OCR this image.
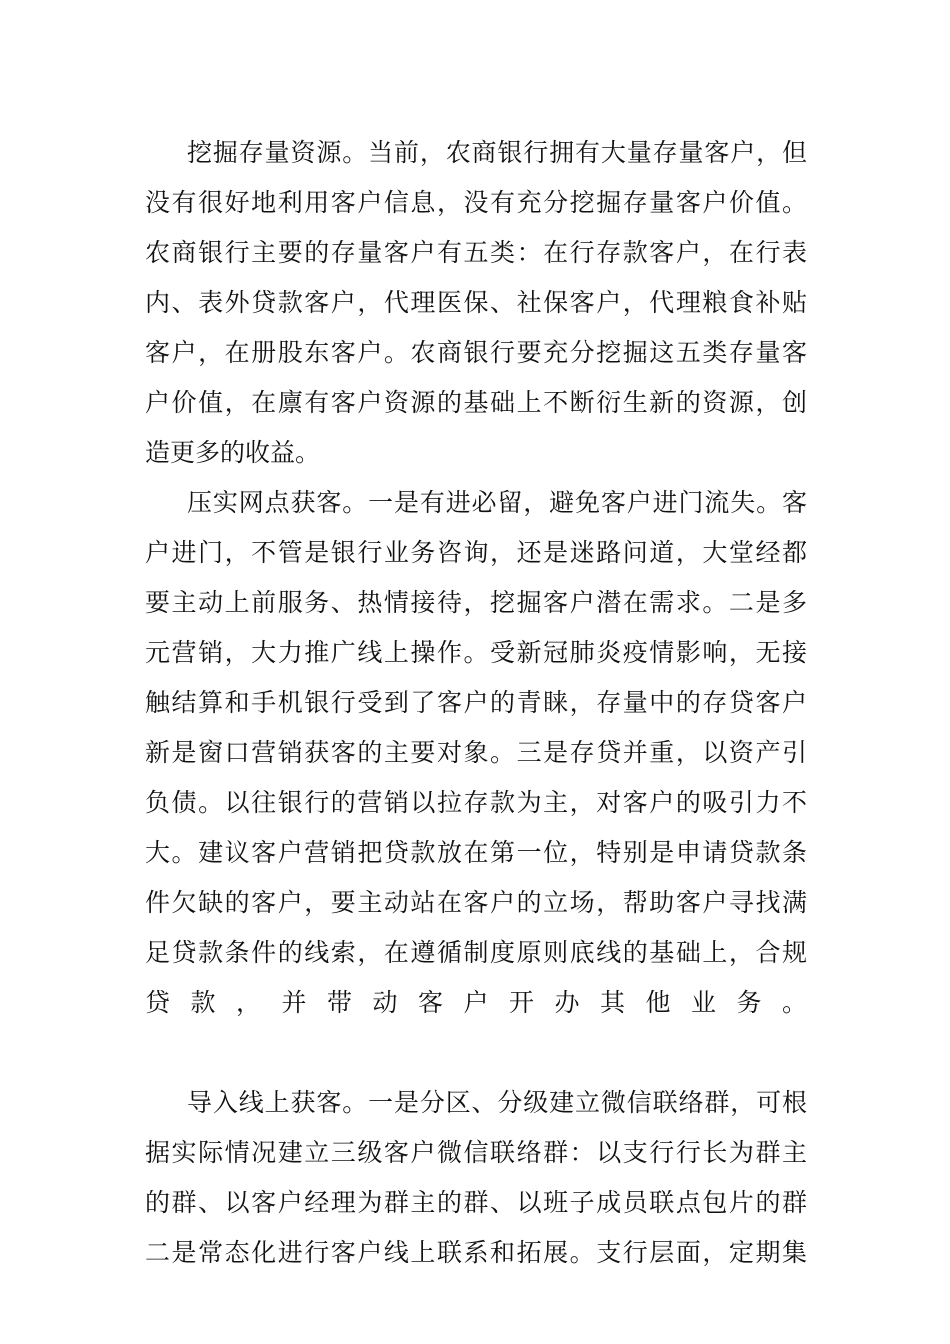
挖掘存量资源。当前，农商银行拥有大量存量客户，但
没有很好地利用客户信息，没有充分挖掘存量客户价值。
农商银行主要的存量客户有五类：在行存款客户，在行表
内、表外贷款客户，代理医保、社保客户，代理粮食补贴
客户，在册股东客户。农商银行要充分挖掘这五类存量客
户价值，在廪有客户资源的基础上不断衍生新的资源，创
造更多的收益。
压实网点获客。一是有进必留，避免客户进门流失。客
户进门，不管是银行业务咨询，还是迷路问道，大堂经都
要主动上前服务、热情接待，挖掘客户潜在需求。二是多
元营销，大力推广线上操作。受新冠肺炎疫情影响，无接
触结算和手机银行受到了客户的青睐，存量中的存贷客户
新是窗口营销获客的主要对象。三是存贷并重，以资产引
负债。以往银行的营销以拉存款为主，对客户的吸引力不
大。建议客户营销把贷款放在第一位，特别是申请贷款条
件欠缺的客户，要主动站在客户的立场，帮助客户寻找满
足贷款条件的线索，在遵循制度原则底线的基础上，合规
贷款，并带动客户开办其他业务。
导入线上获客。一是分区、分级建立微信联络群，可根
据实际情况建立三级客户微信联络群：以支行行长为群主
的群、以客户经理为群主的群、以班子成员联点包片的群
二是常态化进行客户线上联系和拓展。支行层面，定期集
